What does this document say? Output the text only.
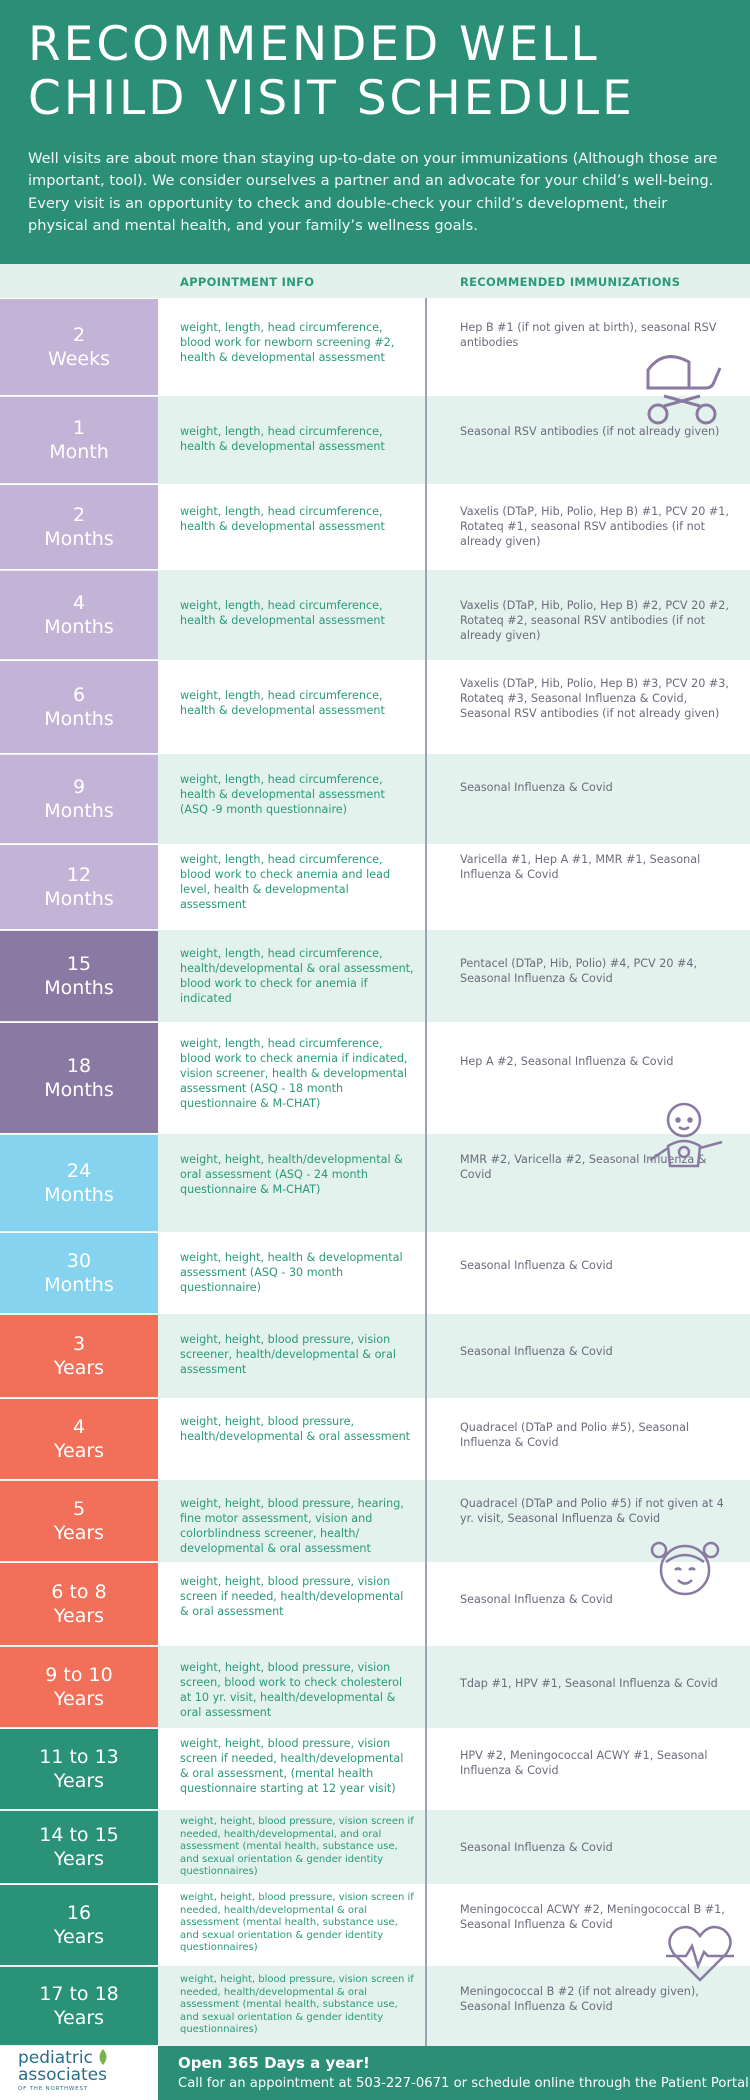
RECOMMENDED WELL
CHILD VISIT SCHEDULE

Well visits are about more than staying up-to-date on your immunizations (Although those are important, tool). We consider ourselves a partner and an advocate for your child’s well-being. Every visit is an opportunity to check and double-check your child’s development, their physical and mental health, and your family’s wellness goals.

APPOINTMENT INFO	RECOMMENDED IMMUNIZATIONS
2
Weeks
weight, length, head circumference, blood work for newborn screening #2, health & developmental assessment
Hep B #1 (if not given at birth), seasonal RSV antibodies
1
Month
weight, length, head circumference, health & developmental assessment
Seasonal RSV antibodies (if not already given)
2
Months
weight, length, head circumference, health & developmental assessment
Vaxelis (DTaP, Hib, Polio, Hep B) #1, PCV 20 #1, Rotateq #1, seasonal RSV antibodies (if not already given)
4
Months
weight, length, head circumference, health & developmental assessment
Vaxelis (DTaP, Hib, Polio, Hep B) #2, PCV 20 #2, Rotateq #2, seasonal RSV antibodies (if not already given)
6
Months
weight, length, head circumference, health & developmental assessment
Vaxelis (DTaP, Hib, Polio, Hep B) #3, PCV 20 #3, Rotateq #3, Seasonal Influenza & Covid, Seasonal RSV antibodies (if not already given)
9
Months
weight, length, head circumference, health & developmental assessment (ASQ -9 month questionnaire)
Seasonal Influenza & Covid
12
Months
weight, length, head circumference, blood work to check anemia and lead level, health & developmental assessment
Varicella #1, Hep A #1, MMR #1, Seasonal Influenza & Covid
15
Months
weight, length, head circumference, health/developmental & oral assessment, blood work to check for anemia if indicated
Pentacel (DTaP, Hib, Polio) #4, PCV 20 #4, Seasonal Influenza & Covid
18
Months
weight, length, head circumference, blood work to check anemia if indicated, vision screener, health & developmental assessment (ASQ - 18 month questionnaire & M-CHAT)
Hep A #2, Seasonal Influenza & Covid
24
Months
weight, height, health/developmental & oral assessment (ASQ - 24 month questionnaire & M-CHAT)
MMR #2, Varicella #2, Seasonal Influenza & Covid
30
Months
weight, height, health & developmental assessment (ASQ - 30 month questionnaire)
Seasonal Influenza & Covid
3
Years
weight, height, blood pressure, vision screener, health/developmental & oral assessment
Seasonal Influenza & Covid
4
Years
weight, height, blood pressure, health/developmental & oral assessment
Quadracel (DTaP and Polio #5), Seasonal Influenza & Covid
5
Years
weight, height, blood pressure, hearing, fine motor assessment, vision and colorblindness screener, health/ developmental & oral assessment
Quadracel (DTaP and Polio #5) if not given at 4 yr. visit, Seasonal Influenza & Covid
6 to 8
Years
weight, height, blood pressure, vision screen if needed, health/developmental & oral assessment
Seasonal Influenza & Covid
9 to 10
Years
weight, height, blood pressure, vision screen, blood work to check cholesterol at 10 yr. visit, health/developmental & oral assessment
Tdap #1, HPV #1, Seasonal Influenza & Covid
11 to 13
Years
weight, height, blood pressure, vision screen if needed, health/developmental & oral assessment, (mental health questionnaire starting at 12 year visit)
HPV #2, Meningococcal ACWY #1, Seasonal Influenza & Covid
14 to 15
Years
weight, height, blood pressure, vision screen if needed, health/developmental, and oral assessment (mental health, substance use, and sexual orientation & gender identity questionnaires)
Seasonal Influenza & Covid
16
Years
weight, height, blood pressure, vision screen if needed, health/developmental & oral assessment (mental health, substance use, and sexual orientation & gender identity questionnaires)
Meningococcal ACWY #2, Meningococcal B #1, Seasonal Influenza & Covid
17 to 18
Years
weight, height, blood pressure, vision screen if needed, health/developmental & oral assessment (mental health, substance use, and sexual orientation & gender identity questionnaires)
Meningococcal B #2 (if not already given), Seasonal Influenza & Covid
pediatric
associates
OF THE NORTHWEST
Open 365 Days a year!
Call for an appointment at 503-227-0671 or schedule online through the Patient Portal
